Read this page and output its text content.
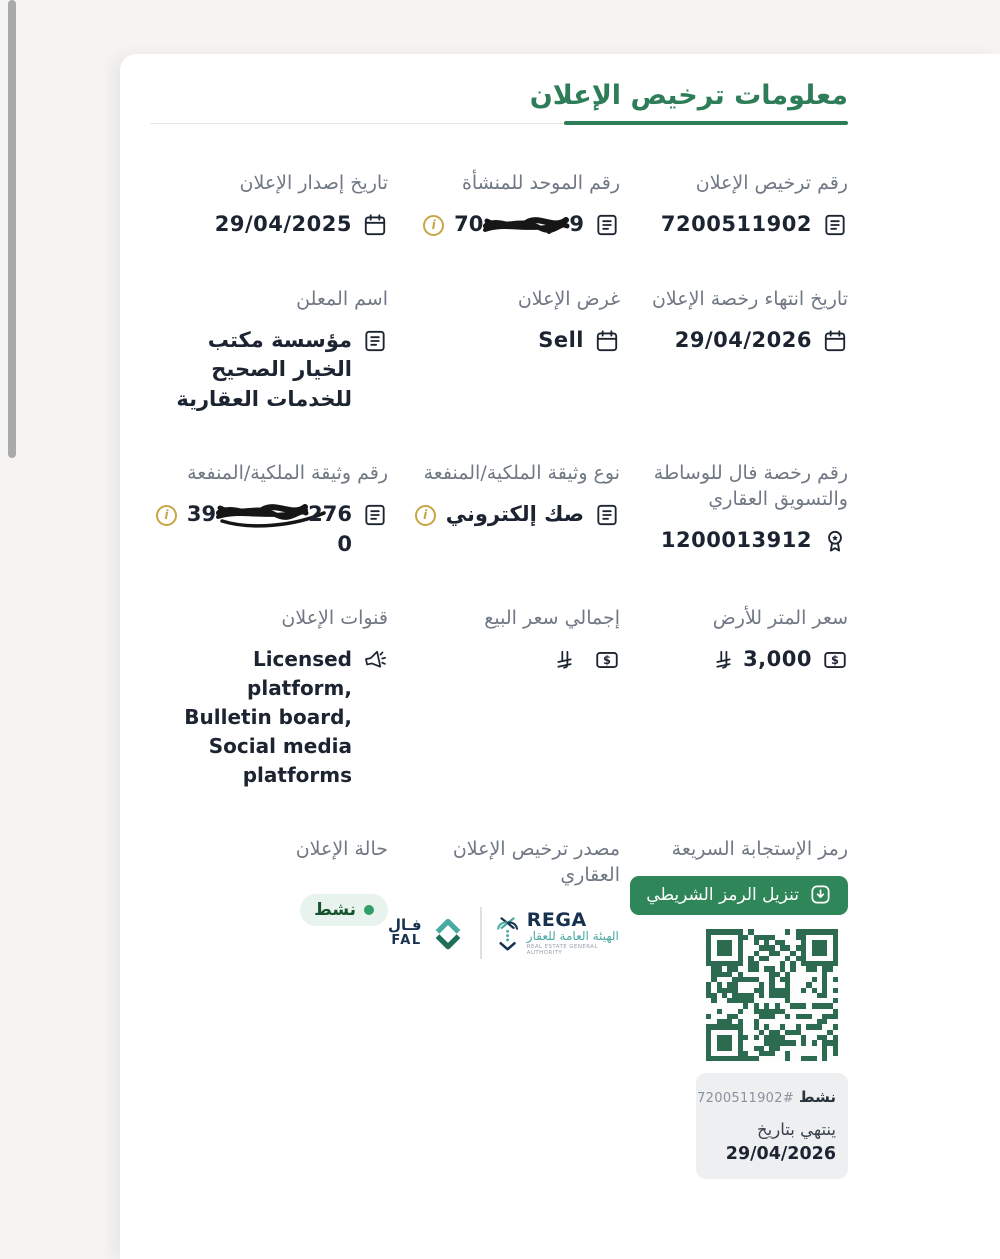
معلومات ترخيص الإعلان
رقم ترخيص الإعلان
7200511902
رقم الموحد للمنشأة
70	9
i
تاريخ إصدار الإعلان
29/04/2025
تاريخ انتهاء رخصة الإعلان
29/04/2026
غرض الإعلان
Sell
اسم المعلن
مؤسسة مكتب الخيار الصحيح للخدمات العقارية
رقم رخصة فال للوساطة والتسويق العقاري
1200013912
نوع وثيقة الملكية/المنفعة
صك إلكتروني
i
رقم وثيقة الملكية/المنفعة
39	276
0
i
سعر المتر للأرض
$
3,000
إجمالي سعر البيع
$
قنوات الإعلان
Licensed platform, Bulletin board, Social media platforms
رمز الإستجابة السريعة
تنزيل الرمز الشريطي
نشط
#
7200511902
ينتهي بتاريخ
29/04/2026
مصدر ترخيص الإعلان العقاري
REGA
الهيئة العامة للعقار
REAL ESTATE GENERAL AUTHORITY
فـال
FAL
حالة الإعلان
نشط
